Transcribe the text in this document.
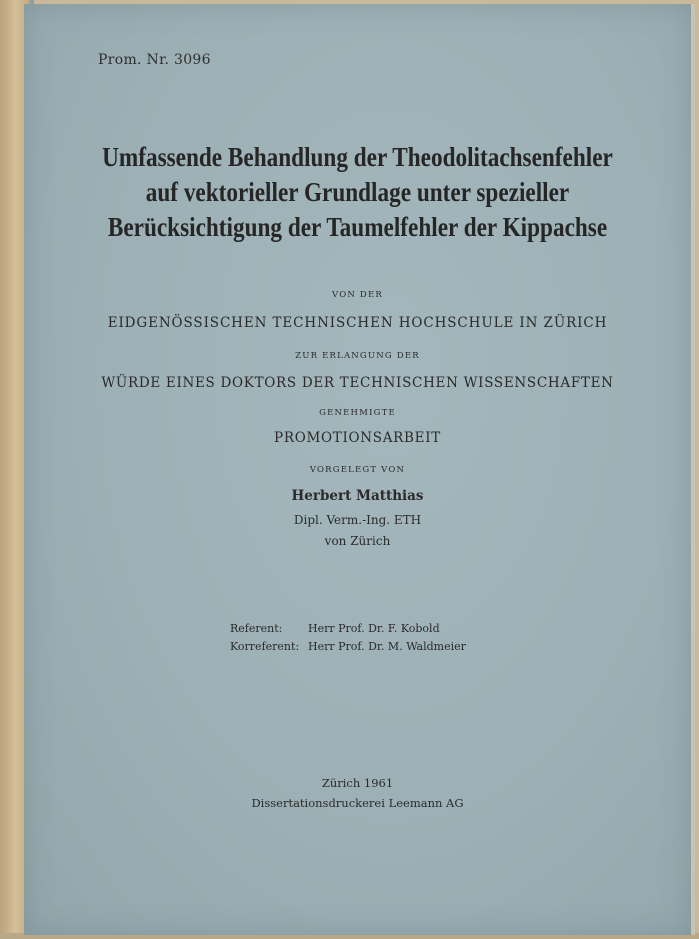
Prom. Nr. 3096
Umfassende Behandlung der Theodolitachsenfehler
auf vektorieller Grundlage unter spezieller
Berücksichtigung der Taumelfehler der Kippachse
VON DER
EIDGENÖSSISCHEN TECHNISCHEN HOCHSCHULE IN ZÜRICH
ZUR ERLANGUNG DER
WÜRDE EINES DOKTORS DER TECHNISCHEN WISSENSCHAFTEN
GENEHMIGTE
PROMOTIONSARBEIT
VORGELEGT VON
Herbert Matthias
Dipl. Verm.-Ing. ETH
von Zürich
Referent: Herr Prof. Dr. F. Kobold
Korreferent: Herr Prof. Dr. M. Waldmeier
Zürich 1961
Dissertationsdruckerei Leemann AG
